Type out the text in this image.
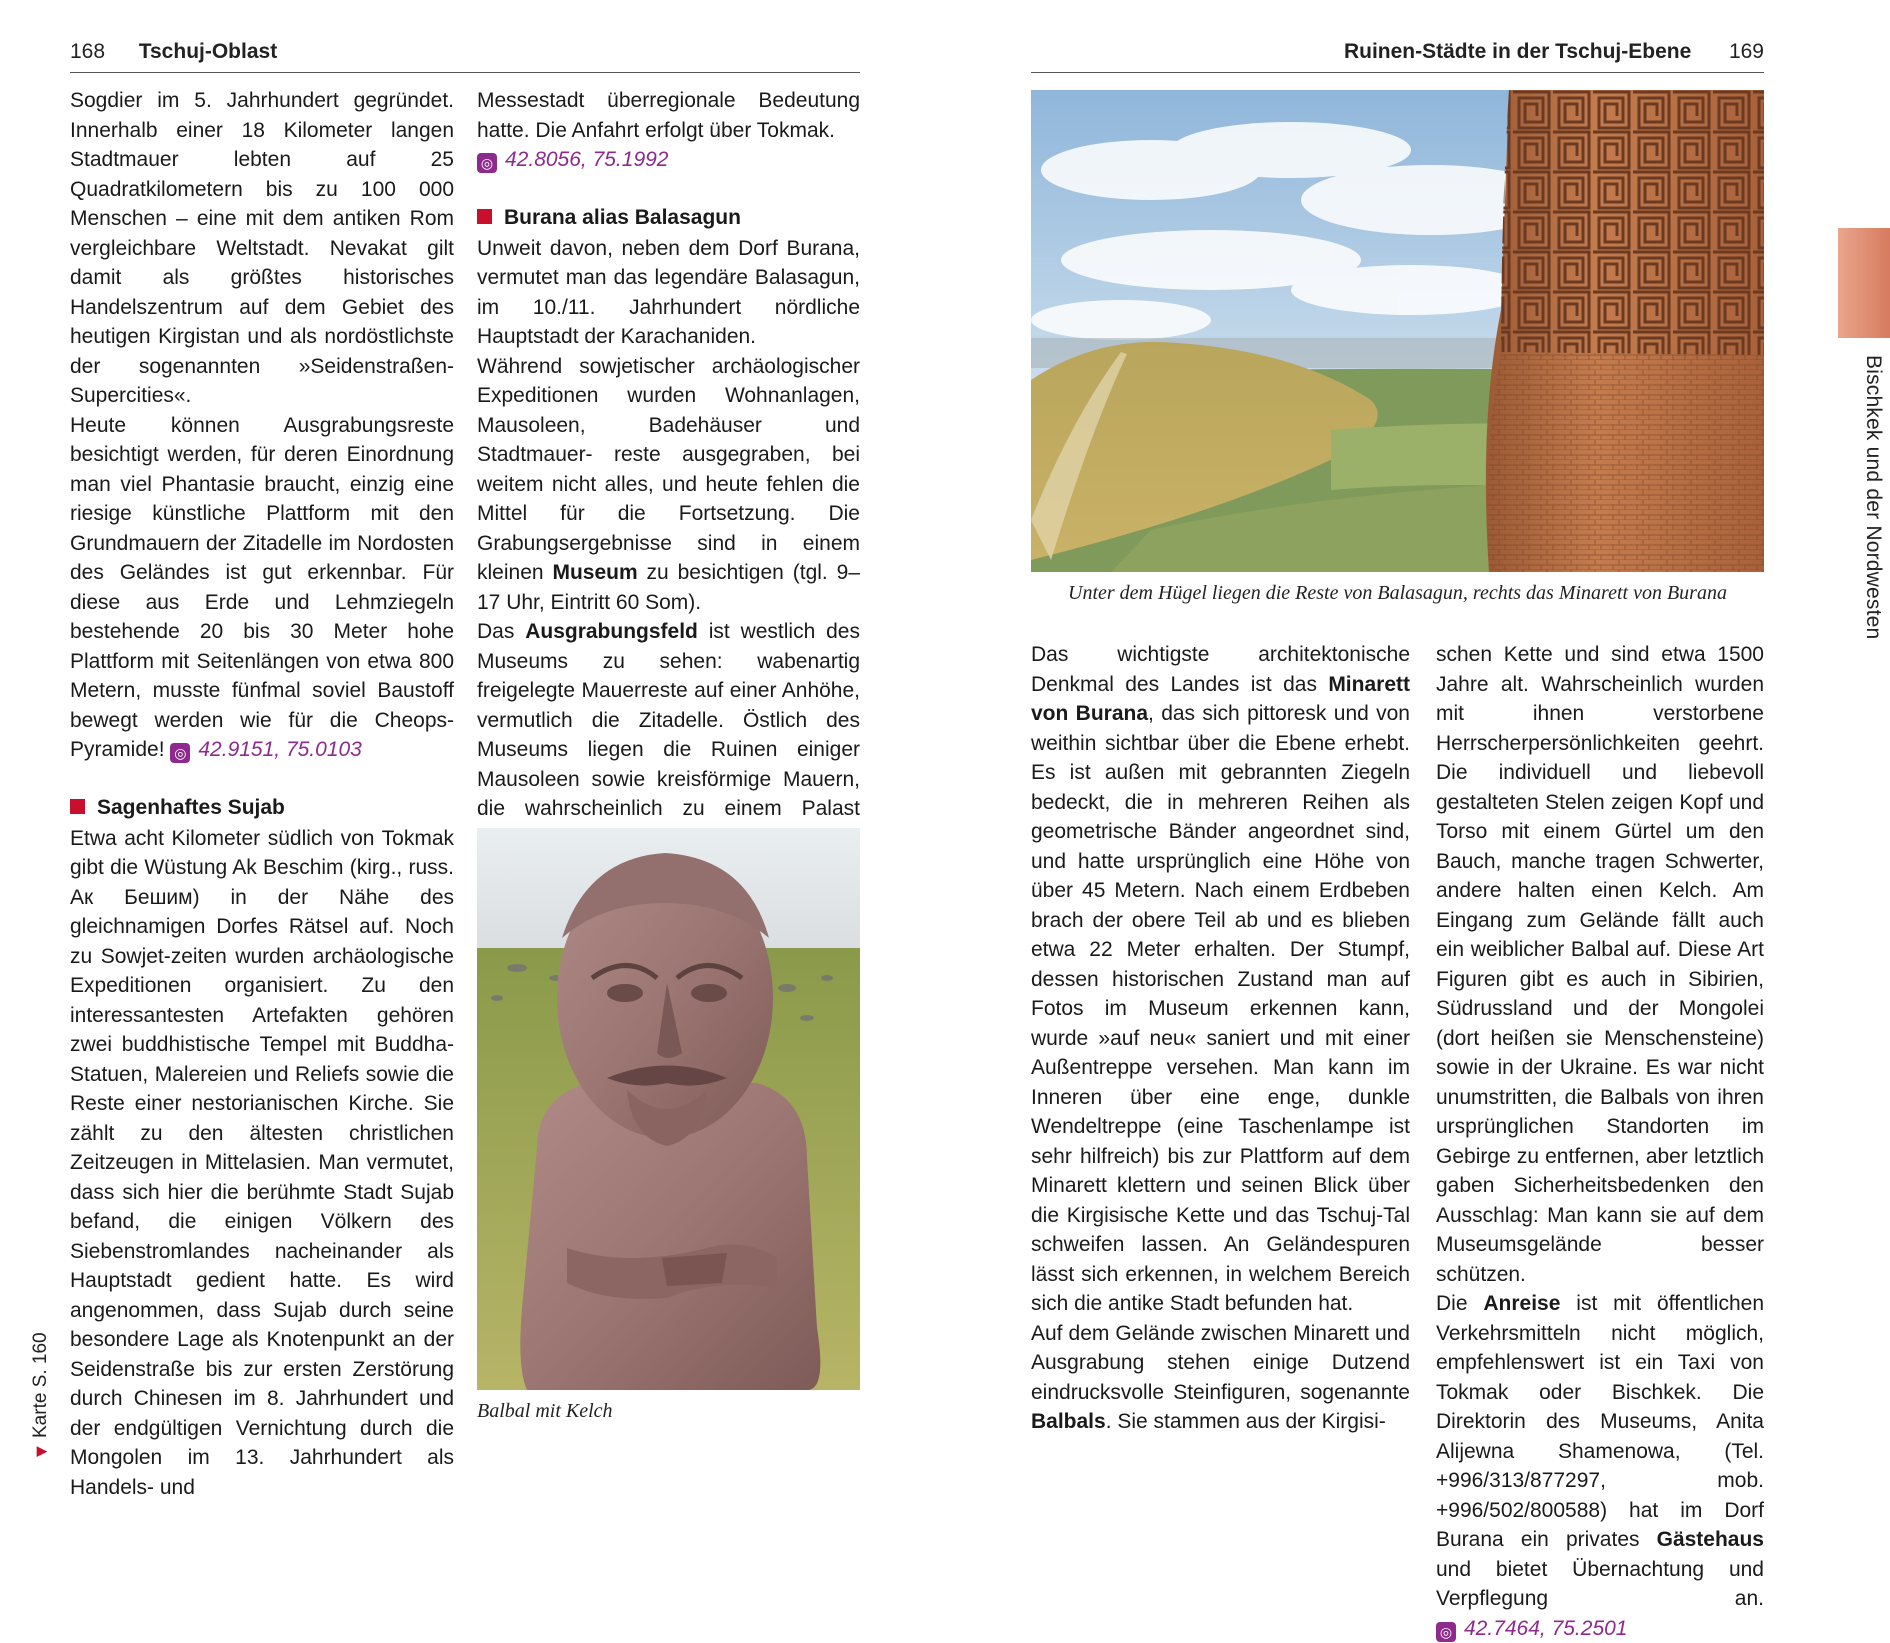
168 Tschuj-Oblast

Sogdier im 5. Jahrhundert gegründet. Innerhalb einer 18 Kilometer langen Stadtmauer lebten auf 25 Quadratkilometern bis zu 100 000 Menschen – eine mit dem antiken Rom vergleichbare Weltstadt. Nevakat gilt damit als größtes historisches Handelszentrum auf dem Gebiet des heutigen Kirgistan und als nordöstlichste der sogenannten »Seidenstraßen-Supercities«.

Heute können Ausgrabungsreste besichtigt werden, für deren Einordnung man viel Phantasie braucht, einzig eine riesige künstliche Plattform mit den Grundmauern der Zitadelle im Nordosten des Geländes ist gut erkennbar. Für diese aus Erde und Lehmziegeln bestehende 20 bis 30 Meter hohe Plattform mit Seitenlängen von etwa 800 Metern, musste fünfmal soviel Baustoff bewegt werden wie für die Cheops-Pyramide! ◎ 42.9151, 75.0103

Sagenhaftes Sujab

Etwa acht Kilometer südlich von Tokmak gibt die Wüstung Ak Beschim (kirg., russ. Ак Бешим) in der Nähe des gleichnamigen Dorfes Rätsel auf. Noch zu Sowjet-zeiten wurden archäologische Expeditionen organisiert. Zu den interessantesten Artefakten gehören zwei buddhistische Tempel mit Buddha-Statuen, Malereien und Reliefs sowie die Reste einer nestorianischen Kirche. Sie zählt zu den ältesten christlichen Zeitzeugen in Mittelasien. Man vermutet, dass sich hier die berühmte Stadt Sujab befand, die einigen Völkern des Siebenstromlandes nacheinander als Hauptstadt gedient hatte. Es wird angenommen, dass Sujab durch seine besondere Lage als Knotenpunkt an der Seidenstraße bis zur ersten Zerstörung durch Chinesen im 8. Jahrhundert und der endgültigen Vernichtung durch die Mongolen im 13. Jahrhundert als Handels- und

Messestadt überregionale Bedeutung hatte. Die Anfahrt erfolgt über Tokmak.
◎ 42.8056, 75.1992

Burana alias Balasagun

Unweit davon, neben dem Dorf Burana, vermutet man das legendäre Balasagun, im 10./11. Jahrhundert nördliche Hauptstadt der Karachaniden.

Während sowjetischer archäologischer Expeditionen wurden Wohnanlagen, Mausoleen, Badehäuser und Stadtmauer- reste ausgegraben, bei weitem nicht alles, und heute fehlen die Mittel für die Fortsetzung. Die Grabungsergebnisse sind in einem kleinen Museum zu besichtigen (tgl. 9–17 Uhr, Eintritt 60 Som).

Das Ausgrabungsfeld ist westlich des Museums zu sehen: wabenartig freigelegte Mauerreste auf einer Anhöhe, vermutlich die Zitadelle. Östlich des Museums liegen die Ruinen einiger Mausoleen sowie kreisförmige Mauern, die wahrscheinlich zu einem Palast

Balbal mit Kelch
◀
Karte S. 160
Ruinen-Städte in der Tschuj-Ebene 169
Unter dem Hügel liegen die Reste von Balasagun, rechts das Minarett von Burana

Das wichtigste architektonische Denkmal des Landes ist das Minarett von Burana, das sich pittoresk und von weithin sichtbar über die Ebene erhebt. Es ist außen mit gebrannten Ziegeln bedeckt, die in mehreren Reihen als geometrische Bänder angeordnet sind, und hatte ursprünglich eine Höhe von über 45 Metern. Nach einem Erdbeben brach der obere Teil ab und es blieben etwa 22 Meter erhalten. Der Stumpf, dessen historischen Zustand man auf Fotos im Museum erkennen kann, wurde »auf neu« saniert und mit einer Außentreppe versehen. Man kann im Inneren über eine enge, dunkle Wendeltreppe (eine Taschenlampe ist sehr hilfreich) bis zur Plattform auf dem Minarett klettern und seinen Blick über die Kirgisische Kette und das Tschuj-Tal schweifen lassen. An Geländespuren lässt sich erkennen, in welchem Bereich sich die antike Stadt befunden hat.

Auf dem Gelände zwischen Minarett und Ausgrabung stehen einige Dutzend eindrucksvolle Steinfiguren, sogenannte Balbals. Sie stammen aus der Kirgisi-

schen Kette und sind etwa 1500 Jahre alt. Wahrscheinlich wurden mit ihnen verstorbene Herrscherpersönlichkeiten geehrt. Die individuell und liebevoll gestalteten Stelen zeigen Kopf und Torso mit einem Gürtel um den Bauch, manche tragen Schwerter, andere halten einen Kelch. Am Eingang zum Gelände fällt auch ein weiblicher Balbal auf. Diese Art Figuren gibt es auch in Sibirien, Südrussland und der Mongolei (dort heißen sie Menschensteine) sowie in der Ukraine. Es war nicht unumstritten, die Balbals von ihren ursprünglichen Standorten im Gebirge zu entfernen, aber letztlich gaben Sicherheitsbedenken den Ausschlag: Man kann sie auf dem Museumsgelände besser schützen.

Die Anreise ist mit öffentlichen Verkehrsmitteln nicht möglich, empfehlenswert ist ein Taxi von Tokmak oder Bischkek. Die Direktorin des Museums, Anita Alijewna Shamenowa, (Tel. +996/313/877297, mob. +996/502/800588) hat im Dorf Burana ein privates Gästehaus und bietet Übernachtung und Verpflegung an. ◎ 42.7464, 75.2501

Bischkek und der Nordwesten
